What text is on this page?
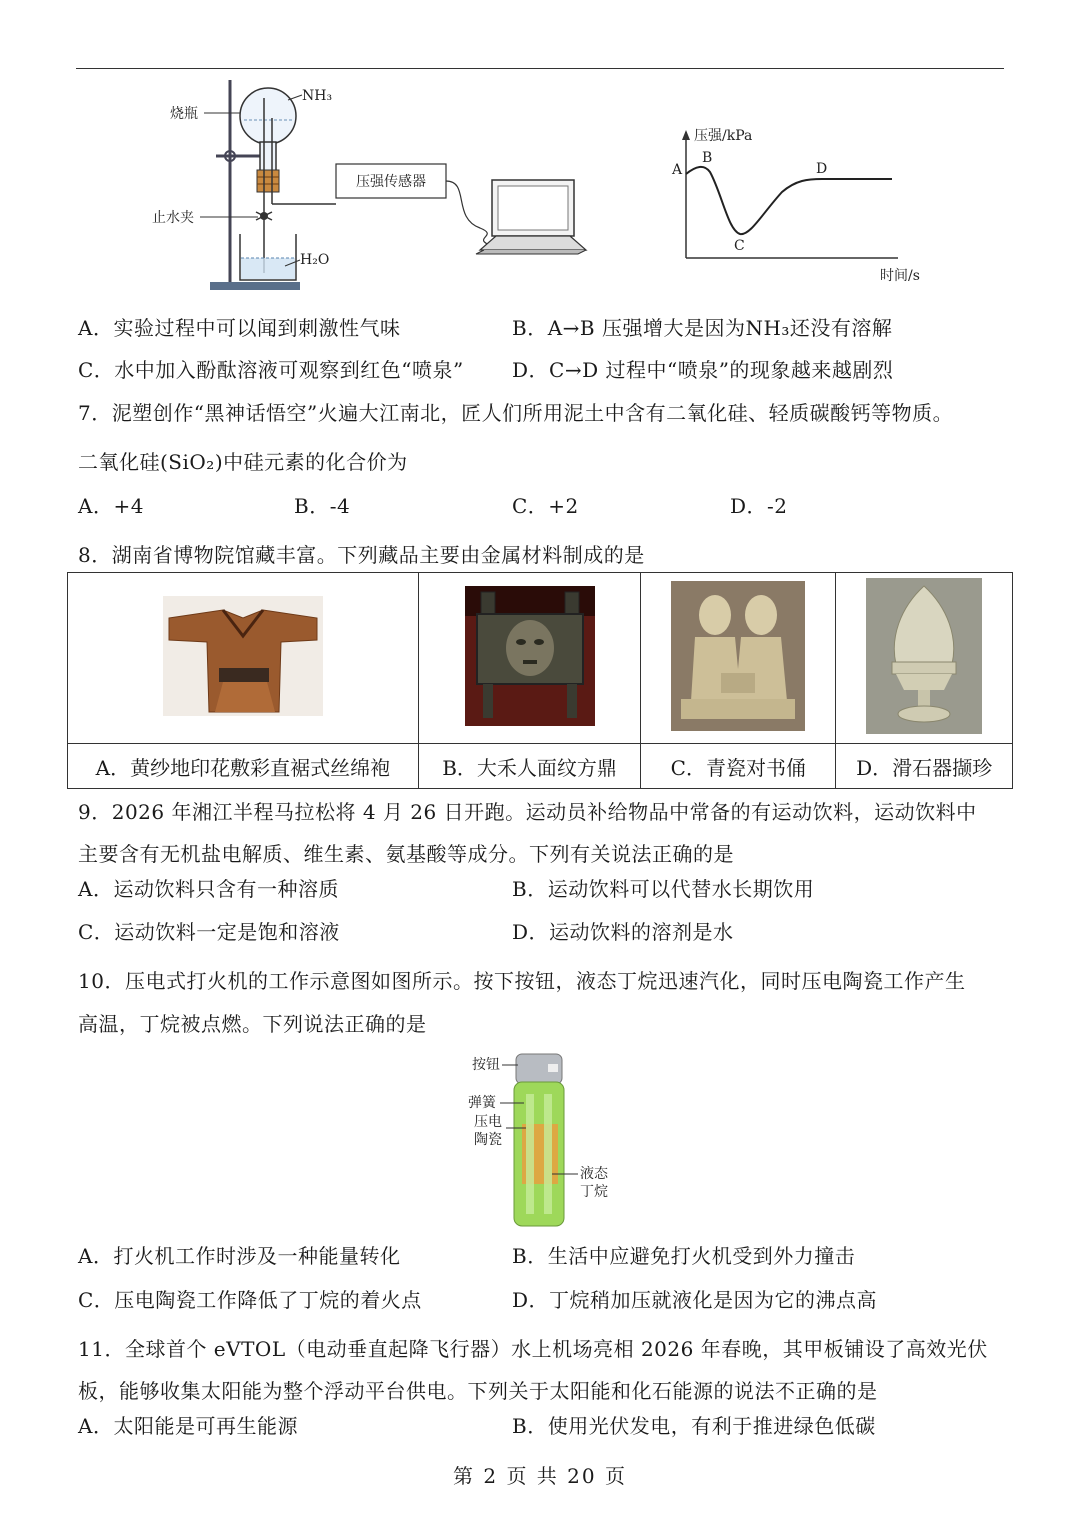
压强传感器
烧瓶
NH₃
止水夹
H₂O
压强/kPa
时间/s
A
B
C
D
A．实验过程中可以闻到刺激性气味	B．A→B 压强增大是因为NH₃还没有溶解
C．水中加入酚酞溶液可观察到红色“喷泉” D．C→D 过程中“喷泉”的现象越来越剧烈
7．泥塑创作“黑神话悟空”火遍大江南北，匠人们所用泥土中含有二氧化硅、轻质碳酸钙等物质。
二氧化硅(SiO₂)中硅元素的化合价为
A．+4	B．-4	C．+2	D．-2
8．湖南省博物院馆藏丰富。下列藏品主要由金属材料制成的是

A．黄纱地印花敷彩直裾式丝绵袍	B．大禾人面纹方鼎	C．青瓷对书俑	D．滑石器撷珍
9．2026 年湘江半程马拉松将 4 月 26 日开跑。运动员补给物品中常备的有运动饮料，运动饮料中
主要含有无机盐电解质、维生素、氨基酸等成分。下列有关说法正确的是
A．运动饮料只含有一种溶质	B．运动饮料可以代替水长期饮用
C．运动饮料一定是饱和溶液	D．运动饮料的溶剂是水
10．压电式打火机的工作示意图如图所示。按下按钮，液态丁烷迅速汽化，同时压电陶瓷工作产生
高温，丁烷被点燃。下列说法正确的是
按钮
弹簧
压电
陶瓷
液态
丁烷
A．打火机工作时涉及一种能量转化	B．生活中应避免打火机受到外力撞击
C．压电陶瓷工作降低了丁烷的着火点	D．丁烷稍加压就液化是因为它的沸点高
11．全球首个 eVTOL（电动垂直起降飞行器）水上机场亮相 2026 年春晚，其甲板铺设了高效光伏
板，能够收集太阳能为整个浮动平台供电。下列关于太阳能和化石能源的说法不正确的是
A．太阳能是可再生能源	B．使用光伏发电，有利于推进绿色低碳
第 2 页 共 20 页
